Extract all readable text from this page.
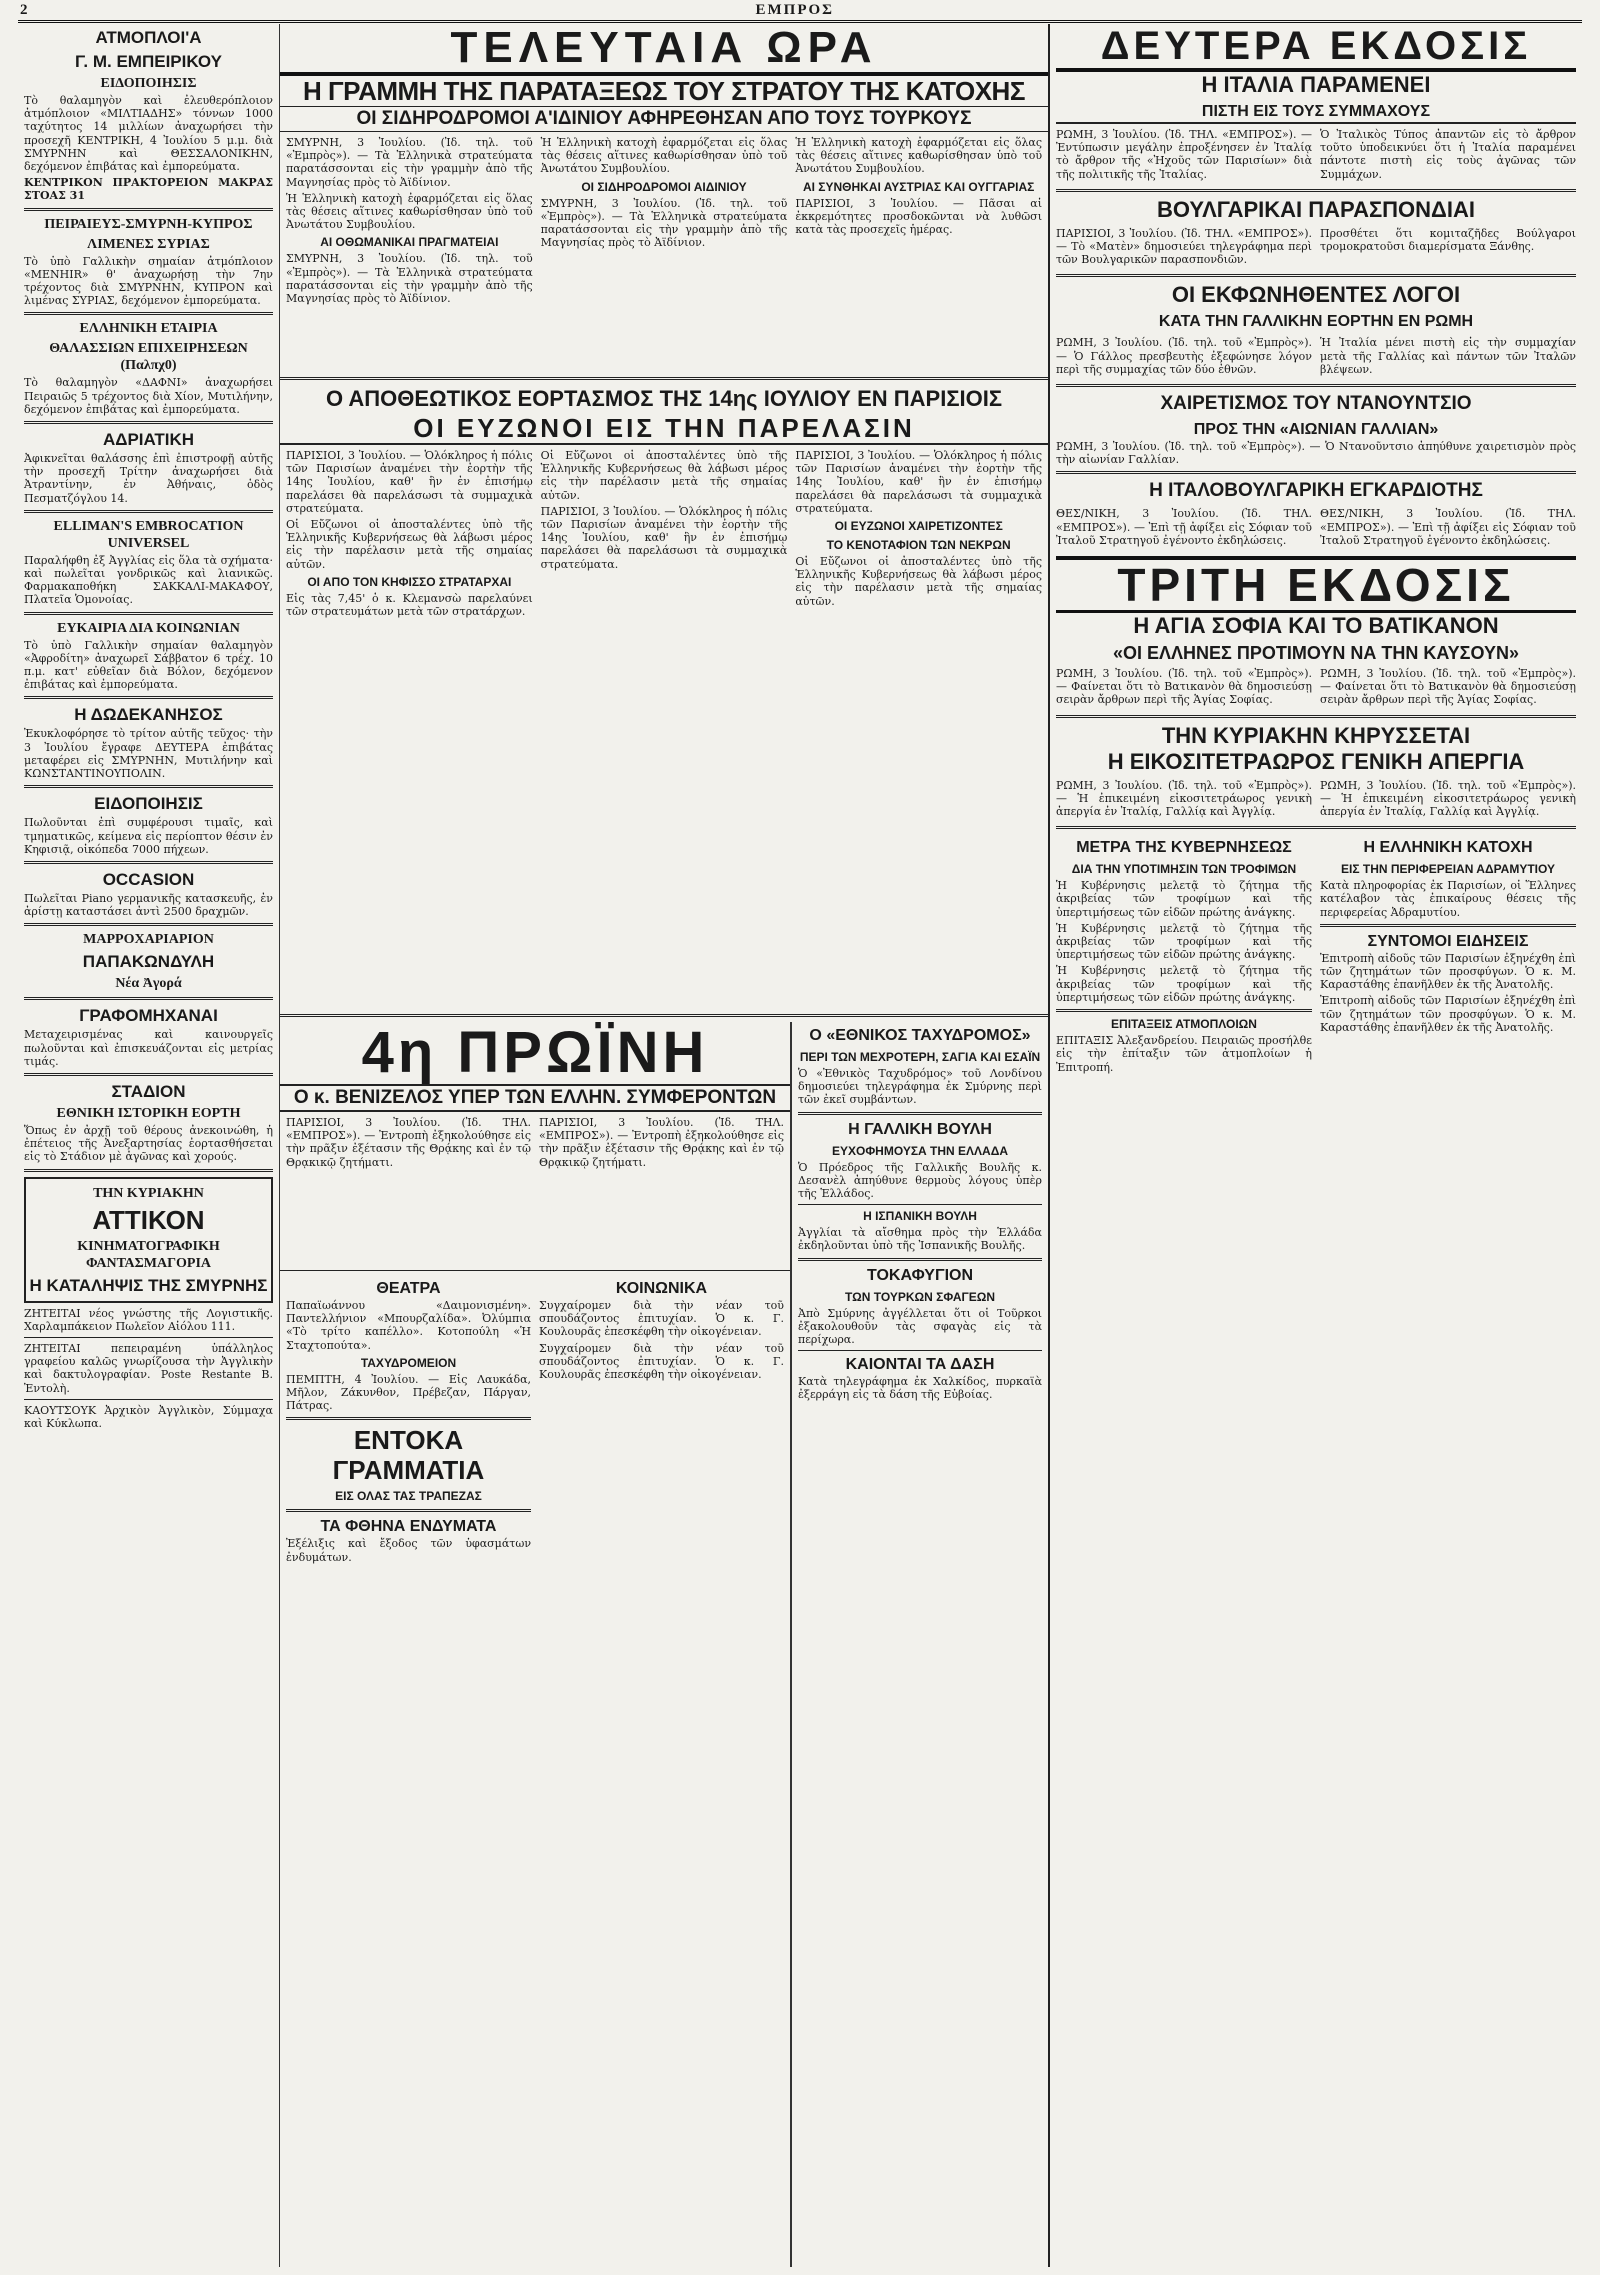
2	ΕΜΠΡΟΣ
ΑΤΜΟΠΛΟΙ'Α
Γ. Μ. ΕΜΠΕΙΡΙΚΟΥ
ΕΙΔΟΠΟΙΗΣΙΣ

Τὸ θαλαμηγὸν καὶ ἐλευθερόπλοιον ἀτμόπλοιον «ΜΙΛΤΙΑΔΗΣ» τόννων 1000 ταχύτητος 14 μιλλίων ἀναχωρήσει τὴν προσεχῆ ΚΕΝΤΡΙΚΗ, 4 Ἰουλίου 5 μ.μ. διὰ ΣΜΥΡΝΗΝ καὶ ΘΕΣΣΑΛΟΝΙΚΗΝ, δεχόμενον ἐπιβάτας καὶ ἐμπορεύματα.

ΚΕΝΤΡΙΚΟΝ ΠΡΑΚΤΟΡΕΙΟΝ ΜΑΚΡΑΣ ΣΤΟΑΣ 31

ΠΕΙΡΑΙΕΥΣ-ΣΜΥΡΝΗ-ΚΥΠΡΟΣ
ΛΙΜΕΝΕΣ ΣΥΡΙΑΣ

Τὸ ὑπὸ Γαλλικὴν σημαίαν ἀτμόπλοιον «MENHIR» θ' ἀναχωρήσῃ τὴν 7ην τρέχοντος διὰ ΣΜΥΡΝΗΝ, ΚΥΠΡΟΝ καὶ λιμένας ΣΥΡΙΑΣ, δεχόμενον ἐμπορεύματα.

ΕΛΛΗΝΙΚΗ ΕΤΑΙΡΙΑ
ΘΑΛΑΣΣΙΩΝ ΕΠΙΧΕΙΡΗΣΕΩΝ (Παλπχ0)

Τὸ θαλαμηγὸν «ΔΑΦΝΙ» ἀναχωρήσει Πειραιῶς 5 τρέχοντος διὰ Χίον, Μυτιλήνην, δεχόμενον ἐπιβάτας καὶ ἐμπορεύματα.

ΑΔΡΙΑΤΙΚΗ

Ἀφικνεῖται θαλάσσης ἐπὶ ἐπιστροφῇ αὐτῆς τὴν προσεχῆ Τρίτην ἀναχωρήσει διὰ Ἀτραντίνην, ἐν Ἀθήναις, ὁδὸς Πεσματζόγλου 14.

ELLIMAN'S EMBROCATION UNIVERSEL

Παραλήφθη ἐξ Ἀγγλίας εἰς ὅλα τὰ σχήματα· καὶ πωλεῖται γονδρικῶς καὶ λιανικῶς. Φαρμακαποθήκη ΣΑΚΚΑΛΙ-ΜΑΚΑΦΟΥ, Πλατεῖα Ὁμονοίας.

ΕΥΚΑΙΡΙΑ ΔΙΑ ΚΟΙΝΩΝΙΑΝ

Τὸ ὑπὸ Γαλλικὴν σημαίαν θαλαμηγὸν «Ἀφροδίτη» ἀναχωρεῖ Σάββατον 6 τρέχ. 10 π.μ. κατ' εὐθεῖαν διὰ Βόλον, δεχόμενον ἐπιβάτας καὶ ἐμπορεύματα.

Η ΔΩΔΕΚΑΝΗΣΟΣ

Ἐκυκλοφόρησε τὸ τρίτον αὐτῆς τεῦχος· τὴν 3 Ἰουλίου ἔγραφε ΔΕΥΤΕΡΑ ἐπιβάτας μεταφέρει εἰς ΣΜΥΡΝΗΝ, Μυτιλήνην καὶ ΚΩΝΣΤΑΝΤΙΝΟΥΠΟΛΙΝ.

ΕΙΔΟΠΟΙΗΣΙΣ

Πωλοῦνται ἐπὶ συμφέρουσι τιμαῖς, καὶ τμηματικῶς, κείμενα εἰς περίοπτον θέσιν ἐν Κηφισιᾷ, οἰκόπεδα 7000 πήχεων.

OCCASION

Πωλεῖται Piano γερμανικῆς κατασκευῆς, ἐν ἀρίστῃ καταστάσει ἀντὶ 2500 δραχμῶν.

ΜΑΡΡΟΧΑΡΙΑΡΙΟΝ
ΠΑΠΑΚΩΝΔΥΛΗ
Νέα Ἀγορά
ΓΡΑΦΟΜΗΧΑΝΑΙ

Μεταχειρισμένας καὶ καινουργεῖς πωλοῦνται καὶ ἐπισκευάζονται εἰς μετρίας τιμάς.

ΣΤΑΔΙΟΝ
ΕΘΝΙΚΗ ΙΣΤΟΡΙΚΗ ΕΟΡΤΗ

Ὅπως ἐν ἀρχῇ τοῦ θέρους ἀνεκοινώθη, ἡ ἐπέτειος τῆς Ἀνεξαρτησίας ἐορτασθήσεται εἰς τὸ Στάδιον μὲ ἀγῶνας καὶ χορούς.

ΤΗΝ ΚΥΡΙΑΚΗΝ
ΑΤΤΙΚΟΝ
ΚΙΝΗΜΑΤΟΓΡΑΦΙΚΗ ΦΑΝΤΑΣΜΑΓΟΡΙΑ
Η ΚΑΤΑΛΗΨΙΣ ΤΗΣ ΣΜΥΡΝΗΣ

ΖΗΤΕΙΤΑΙ νέος γνώστης τῆς Λογιστικῆς. Χαρλαμπάκειον Πωλεῖον Αἰόλου 111.

ΖΗΤΕΙΤΑΙ πεπειραμένη ὑπάλληλος γραφείου καλῶς γνωρίζουσα τὴν Ἀγγλικὴν καὶ δακτυλογραφίαν. Poste Restante Β. Ἐντολὴ.

ΚΑΟΥΤΣΟΥΚ Ἀρχικὸν Ἀγγλικὸν, Σύμμαχα καὶ Κύκλωπα.

ΤΕΛΕΥΤΑΙΑ ΩΡΑ
Η ΓΡΑΜΜΗ ΤΗΣ ΠΑΡΑΤΑΞΕΩΣ ΤΟΥ ΣΤΡΑΤΟΥ ΤΗΣ ΚΑΤΟΧΗΣ
ΟΙ ΣΙΔΗΡΟΔΡΟΜΟΙ Α'ΙΔΙΝΙΟΥ ΑΦΗΡΕΘΗΣΑΝ ΑΠΟ ΤΟΥΣ ΤΟΥΡΚΟΥΣ

ΣΜΥΡΝΗ, 3 Ἰουλίου. (Ἰδ. τηλ. τοῦ «Ἐμπρὸς»). — Τὰ Ἑλληνικὰ στρατεύματα παρατάσσονται εἰς τὴν γραμμὴν ἀπὸ τῆς Μαγνησίας πρὸς τὸ Ἀϊδίνιον.

Ἡ Ἑλληνικὴ κατοχὴ ἐφαρμόζεται εἰς ὅλας τὰς θέσεις αἵτινες καθωρίσθησαν ὑπὸ τοῦ Ἀνωτάτου Συμβουλίου.

ΑΙ ΟΘΩΜΑΝΙΚΑΙ ΠΡΑΓΜΑΤΕΙΑΙ

ΣΜΥΡΝΗ, 3 Ἰουλίου. (Ἰδ. τηλ. τοῦ «Ἐμπρὸς»). — Τὰ Ἑλληνικὰ στρατεύματα παρατάσσονται εἰς τὴν γραμμὴν ἀπὸ τῆς Μαγνησίας πρὸς τὸ Ἀϊδίνιον.

Ἡ Ἑλληνικὴ κατοχὴ ἐφαρμόζεται εἰς ὅλας τὰς θέσεις αἵτινες καθωρίσθησαν ὑπὸ τοῦ Ἀνωτάτου Συμβουλίου.

ΟΙ ΣΙΔΗΡΟΔΡΟΜΟΙ ΑΙΔΙΝΙΟΥ

ΣΜΥΡΝΗ, 3 Ἰουλίου. (Ἰδ. τηλ. τοῦ «Ἐμπρὸς»). — Τὰ Ἑλληνικὰ στρατεύματα παρατάσσονται εἰς τὴν γραμμὴν ἀπὸ τῆς Μαγνησίας πρὸς τὸ Ἀϊδίνιον.

Ἡ Ἑλληνικὴ κατοχὴ ἐφαρμόζεται εἰς ὅλας τὰς θέσεις αἵτινες καθωρίσθησαν ὑπὸ τοῦ Ἀνωτάτου Συμβουλίου.

ΑΙ ΣΥΝΘΗΚΑΙ ΑΥΣΤΡΙΑΣ ΚΑΙ ΟΥΓΓΑΡΙΑΣ

ΠΑΡΙΣΙΟΙ, 3 Ἰουλίου. — Πᾶσαι αἱ ἐκκρεμότητες προσδοκῶνται νὰ λυθῶσι κατὰ τὰς προσεχεῖς ἡμέρας.

Ο ΑΠΟΘΕΩΤΙΚΟΣ ΕΟΡΤΑΣΜΟΣ ΤΗΣ 14ης ΙΟΥΛΙΟΥ ΕΝ ΠΑΡΙΣΙΟΙΣ
ΟΙ ΕΥΖΩΝΟΙ ΕΙΣ ΤΗΝ ΠΑΡΕΛΑΣΙΝ

ΠΑΡΙΣΙΟΙ, 3 Ἰουλίου. — Ὁλόκληρος ἡ πόλις τῶν Παρισίων ἀναμένει τὴν ἐορτὴν τῆς 14ης Ἰουλίου, καθ' ἣν ἐν ἐπισήμῳ παρελάσει θὰ παρελάσωσι τὰ συμμαχικὰ στρατεύματα.

Οἱ Εὔζωνοι οἱ ἀποσταλέντες ὑπὸ τῆς Ἑλληνικῆς Κυβερνήσεως θὰ λάβωσι μέρος εἰς τὴν παρέλασιν μετὰ τῆς σημαίας αὐτῶν.

ΟΙ ΑΠΟ ΤΟΝ ΚΗΦΙΣΣΟ ΣΤΡΑΤΑΡΧΑΙ

Εἰς τὰς 7,45' ὁ κ. Κλεμανσὼ παρελαύνει τῶν στρατευμάτων μετὰ τῶν στρατάρχων.

Οἱ Εὔζωνοι οἱ ἀποσταλέντες ὑπὸ τῆς Ἑλληνικῆς Κυβερνήσεως θὰ λάβωσι μέρος εἰς τὴν παρέλασιν μετὰ τῆς σημαίας αὐτῶν.

ΠΑΡΙΣΙΟΙ, 3 Ἰουλίου. — Ὁλόκληρος ἡ πόλις τῶν Παρισίων ἀναμένει τὴν ἐορτὴν τῆς 14ης Ἰουλίου, καθ' ἣν ἐν ἐπισήμῳ παρελάσει θὰ παρελάσωσι τὰ συμμαχικὰ στρατεύματα.

ΠΑΡΙΣΙΟΙ, 3 Ἰουλίου. — Ὁλόκληρος ἡ πόλις τῶν Παρισίων ἀναμένει τὴν ἐορτὴν τῆς 14ης Ἰουλίου, καθ' ἣν ἐν ἐπισήμῳ παρελάσει θὰ παρελάσωσι τὰ συμμαχικὰ στρατεύματα.

ΟΙ ΕΥΖΩΝΟΙ ΧΑΙΡΕΤΙΖΟΝΤΕΣ
ΤΟ ΚΕΝΟΤΑΦΙΟΝ ΤΩΝ ΝΕΚΡΩΝ

Οἱ Εὔζωνοι οἱ ἀποσταλέντες ὑπὸ τῆς Ἑλληνικῆς Κυβερνήσεως θὰ λάβωσι μέρος εἰς τὴν παρέλασιν μετὰ τῆς σημαίας αὐτῶν.

4η ΠΡΩΪΝΗ
Ο κ. ΒΕΝΙΖΕΛΟΣ ΥΠΕΡ ΤΩΝ ΕΛΛΗΝ. ΣΥΜΦΕΡΟΝΤΩΝ

ΠΑΡΙΣΙΟΙ, 3 Ἰουλίου. (Ἰδ. ΤΗΛ. «ΕΜΠΡΟΣ»). — Ἐντροπὴ ἐξηκολούθησε εἰς τὴν πρᾶξιν ἐξέτασιν τῆς Θρᾴκης καὶ ἐν τῷ Θρᾳκικῷ ζητήματι.

ΠΑΡΙΣΙΟΙ, 3 Ἰουλίου. (Ἰδ. ΤΗΛ. «ΕΜΠΡΟΣ»). — Ἐντροπὴ ἐξηκολούθησε εἰς τὴν πρᾶξιν ἐξέτασιν τῆς Θρᾴκης καὶ ἐν τῷ Θρᾳκικῷ ζητήματι.

ΘΕΑΤΡΑ

Παπαϊωάννου «Δαιμονισμένη». Παντελλήνιον «Μπουρζαλίδα». Ὀλύμπια «Τὸ τρίτο καπέλλο». Κοτοπούλη «Ἡ Σταχτοπούτα».

ΤΑΧΥΔΡΟΜΕΙΟΝ

ΠΕΜΠΤΗ, 4 Ἰουλίου. — Εἰς Λαυκάδα, Μῆλον, Ζάκυνθον, Πρέβεζαν, Πάργαν, Πάτρας.

ΕΝΤΟΚΑ ΓΡΑΜΜΑΤΙΑ
ΕΙΣ ΟΛΑΣ ΤΑΣ ΤΡΑΠΕΖΑΣ
ΤΑ ΦΘΗΝΑ ΕΝΔΥΜΑΤΑ

Ἐξέλιξις καὶ ἔξοδος τῶν ὑφασμάτων ἐνδυμάτων.

ΚΟΙΝΩΝΙΚΑ

Συγχαίρομεν διὰ τὴν νέαν τοῦ σπουδάζοντος ἐπιτυχίαν. Ὁ κ. Γ. Κουλουρᾶς ἐπεσκέφθη τὴν οἰκογένειαν.

Συγχαίρομεν διὰ τὴν νέαν τοῦ σπουδάζοντος ἐπιτυχίαν. Ὁ κ. Γ. Κουλουρᾶς ἐπεσκέφθη τὴν οἰκογένειαν.

Ο «ΕΘΝΙΚΟΣ ΤΑΧΥΔΡΟΜΟΣ»
ΠΕΡΙ ΤΩΝ ΜΕΧΡΟΤΕΡΗ, ΣΑΓΙΑ ΚΑΙ ΕΣΑΪΝ

Ὁ «Ἐθνικὸς Ταχυδρόμος» τοῦ Λονδίνου δημοσιεύει τηλεγράφημα ἐκ Σμύρνης περὶ τῶν ἐκεῖ συμβάντων.

Η ΓΑΛΛΙΚΗ ΒΟΥΛΗ
ΕΥΧΟΦΗΜΟΥΣΑ ΤΗΝ ΕΛΛΑΔΑ

Ὁ Πρόεδρος τῆς Γαλλικῆς Βουλῆς κ. Δεσανὲλ ἀπηύθυνε θερμοὺς λόγους ὑπὲρ τῆς Ἑλλάδος.

Η ΙΣΠΑΝΙΚΗ ΒΟΥΛΗ

Ἀγγλίαι τὰ αἴσθημα πρὸς τὴν Ἑλλάδα ἐκδηλοῦνται ὑπὸ τῆς Ἰσπανικῆς Βουλῆς.

ΤΟΚΑΦΥΓΙΟΝ
ΤΩΝ ΤΟΥΡΚΩΝ ΣΦΑΓΕΩΝ

Ἀπὸ Σμύρνης ἀγγέλλεται ὅτι οἱ Τοῦρκοι ἐξακολουθοῦν τὰς σφαγὰς εἰς τὰ περίχωρα.

ΚΑΙΟΝΤΑΙ ΤΑ ΔΑΣΗ

Κατὰ τηλεγράφημα ἐκ Χαλκίδος, πυρκαϊὰ ἐξερράγη εἰς τὰ δάση τῆς Εὐβοίας.

ΔΕΥΤΕΡΑ ΕΚΔΟΣΙΣ
Η ΙΤΑΛΙΑ ΠΑΡΑΜΕΝΕΙ
ΠΙΣΤΗ ΕΙΣ ΤΟΥΣ ΣΥΜΜΑΧΟΥΣ

ΡΩΜΗ, 3 Ἰουλίου. (Ἰδ. ΤΗΛ. «ΕΜΠΡΟΣ»). — Ἐντύπωσιν μεγάλην ἐπροξένησεν ἐν Ἰταλίᾳ τὸ ἄρθρον τῆς «Ἠχοῦς τῶν Παρισίων» διὰ τῆς πολιτικῆς τῆς Ἰταλίας.

Ὁ Ἰταλικὸς Τύπος ἀπαντῶν εἰς τὸ ἄρθρον τοῦτο ὑποδεικνύει ὅτι ἡ Ἰταλία παραμένει πάντοτε πιστὴ εἰς τοὺς ἀγῶνας τῶν Συμμάχων.

ΒΟΥΛΓΑΡΙΚΑΙ ΠΑΡΑΣΠΟΝΔΙΑΙ

ΠΑΡΙΣΙΟΙ, 3 Ἰουλίου. (Ἰδ. ΤΗΛ. «ΕΜΠΡΟΣ»). — Τὸ «Ματὲν» δημοσιεύει τηλεγράφημα περὶ τῶν Βουλγαρικῶν παρασπονδιῶν.

Προσθέτει ὅτι κομιταζῆδες Βούλγαροι τρομοκρατοῦσι διαμερίσματα Ξάνθης.

ΟΙ ΕΚΦΩΝΗΘΕΝΤΕΣ ΛΟΓΟΙ
ΚΑΤΑ ΤΗΝ ΓΑΛΛΙΚΗΝ ΕΟΡΤΗΝ ΕΝ ΡΩΜΗ

ΡΩΜΗ, 3 Ἰουλίου. (Ἰδ. τηλ. τοῦ «Ἐμπρὸς»). — Ὁ Γάλλος πρεσβευτὴς ἐξεφώνησε λόγον περὶ τῆς συμμαχίας τῶν δύο ἐθνῶν.

Ἡ Ἰταλία μένει πιστὴ εἰς τὴν συμμαχίαν μετὰ τῆς Γαλλίας καὶ πάντων τῶν Ἰταλῶν βλέψεων.

ΧΑΙΡΕΤΙΣΜΟΣ ΤΟΥ ΝΤΑΝΟΥΝΤΣΙΟ
ΠΡΟΣ ΤΗΝ «ΑΙΩΝΙΑΝ ΓΑΛΛΙΑΝ»

ΡΩΜΗ, 3 Ἰουλίου. (Ἰδ. τηλ. τοῦ «Ἐμπρὸς»). — Ὁ Ντανοῦντσιο ἀπηύθυνε χαιρετισμὸν πρὸς τὴν αἰωνίαν Γαλλίαν.

Η ΙΤΑΛΟΒΟΥΛΓΑΡΙΚΗ ΕΓΚΑΡΔΙΟΤΗΣ

ΘΕΣ/ΝΙΚΗ, 3 Ἰουλίου. (Ἰδ. ΤΗΛ. «ΕΜΠΡΟΣ»). — Ἐπὶ τῇ ἀφίξει εἰς Σόφιαν τοῦ Ἰταλοῦ Στρατηγοῦ ἐγένοντο ἐκδηλώσεις.

ΘΕΣ/ΝΙΚΗ, 3 Ἰουλίου. (Ἰδ. ΤΗΛ. «ΕΜΠΡΟΣ»). — Ἐπὶ τῇ ἀφίξει εἰς Σόφιαν τοῦ Ἰταλοῦ Στρατηγοῦ ἐγένοντο ἐκδηλώσεις.

ΤΡΙΤΗ ΕΚΔΟΣΙΣ
Η ΑΓΙΑ ΣΟΦΙΑ ΚΑΙ ΤΟ ΒΑΤΙΚΑΝΟΝ
«ΟΙ ΕΛΛΗΝΕΣ ΠΡΟΤΙΜΟΥΝ ΝΑ ΤΗΝ ΚΑΥΣΟΥΝ»

ΡΩΜΗ, 3 Ἰουλίου. (Ἰδ. τηλ. τοῦ «Ἐμπρὸς»). — Φαίνεται ὅτι τὸ Βατικανὸν θὰ δημοσιεύσῃ σειρὰν ἄρθρων περὶ τῆς Ἁγίας Σοφίας.

ΡΩΜΗ, 3 Ἰουλίου. (Ἰδ. τηλ. τοῦ «Ἐμπρὸς»). — Φαίνεται ὅτι τὸ Βατικανὸν θὰ δημοσιεύσῃ σειρὰν ἄρθρων περὶ τῆς Ἁγίας Σοφίας.

ΤΗΝ ΚΥΡΙΑΚΗΝ ΚΗΡΥΣΣΕΤΑΙ
Η ΕΙΚΟΣΙΤΕΤΡΑΩΡΟΣ ΓΕΝΙΚΗ ΑΠΕΡΓΙΑ

ΡΩΜΗ, 3 Ἰουλίου. (Ἰδ. τηλ. τοῦ «Ἐμπρὸς»). — Ἡ ἐπικειμένη εἰκοσιτετράωρος γενικὴ ἀπεργία ἐν Ἰταλίᾳ, Γαλλίᾳ καὶ Ἀγγλίᾳ.

ΡΩΜΗ, 3 Ἰουλίου. (Ἰδ. τηλ. τοῦ «Ἐμπρὸς»). — Ἡ ἐπικειμένη εἰκοσιτετράωρος γενικὴ ἀπεργία ἐν Ἰταλίᾳ, Γαλλίᾳ καὶ Ἀγγλίᾳ.

ΜΕΤΡΑ ΤΗΣ ΚΥΒΕΡΝΗΣΕΩΣ
ΔΙΑ ΤΗΝ ΥΠΟΤΙΜΗΣΙΝ ΤΩΝ ΤΡΟΦΙΜΩΝ

Ἡ Κυβέρνησις μελετᾷ τὸ ζήτημα τῆς ἀκριβείας τῶν τροφίμων καὶ τῆς ὑπερτιμήσεως τῶν εἰδῶν πρώτης ἀνάγκης.

Ἡ Κυβέρνησις μελετᾷ τὸ ζήτημα τῆς ἀκριβείας τῶν τροφίμων καὶ τῆς ὑπερτιμήσεως τῶν εἰδῶν πρώτης ἀνάγκης.

Ἡ Κυβέρνησις μελετᾷ τὸ ζήτημα τῆς ἀκριβείας τῶν τροφίμων καὶ τῆς ὑπερτιμήσεως τῶν εἰδῶν πρώτης ἀνάγκης.

ΕΠΙΤΑΞΕΙΣ ΑΤΜΟΠΛΟΙΩΝ

ΕΠΙΤΑΞΙΣ Ἀλεξανδρείου. Πειραιῶς προσήλθε εἰς τὴν ἐπίταξιν τῶν ἀτμοπλοίων ἡ Ἐπιτροπή.

Η ΕΛΛΗΝΙΚΗ ΚΑΤΟΧΗ
ΕΙΣ ΤΗΝ ΠΕΡΙΦΕΡΕΙΑΝ ΑΔΡΑΜΥΤΙΟΥ

Κατὰ πληροφορίας ἐκ Παρισίων, οἱ Ἕλληνες κατέλαβον τὰς ἐπικαίρους θέσεις τῆς περιφερείας Ἀδραμυτίου.

ΣΥΝΤΟΜΟΙ ΕΙΔΗΣΕΙΣ

Ἐπιτροπὴ αἰδοῦς τῶν Παρισίων ἐξηνέχθη ἐπὶ τῶν ζητημάτων τῶν προσφύγων. Ὁ κ. Μ. Καραστάθης ἐπανῆλθεν ἐκ τῆς Ἀνατολῆς.

Ἐπιτροπὴ αἰδοῦς τῶν Παρισίων ἐξηνέχθη ἐπὶ τῶν ζητημάτων τῶν προσφύγων. Ὁ κ. Μ. Καραστάθης ἐπανῆλθεν ἐκ τῆς Ἀνατολῆς.
